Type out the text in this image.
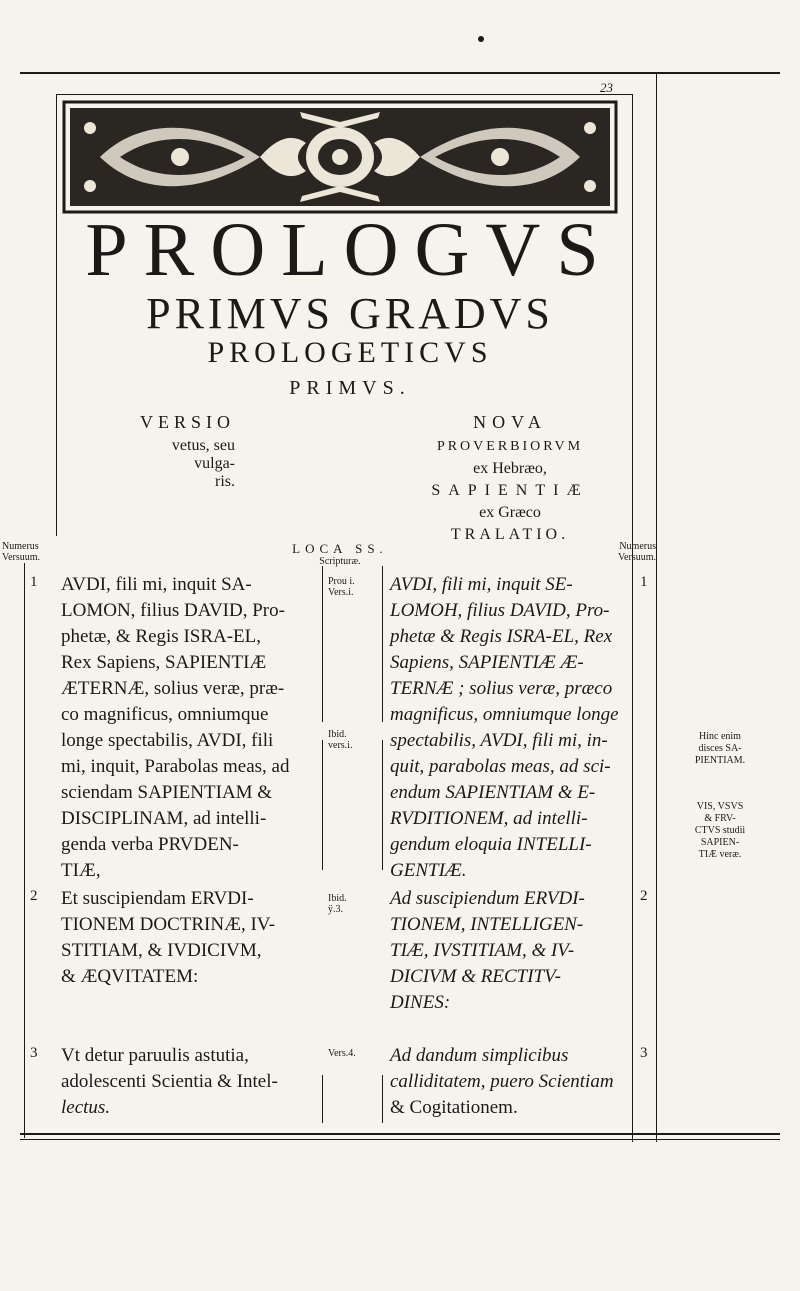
23
PROLOGVS
PRIMVS GRADVS
PROLOGETICVS
PRIMVS.
VERSIO
vetus, seu
vulga-
ris.
NOVA
PROVERBIORVM
ex Hebræo,
SAPIENTIÆ
ex Græco
TRALATIO.
Numerus
Versuum.
LOCA SS.
Scripturæ.
Numerus
Versuum.
1
2
3
1
2
3
AVDI, fili mi, inquit SA-
LOMON, filius DAVID, Pro-
phetæ, & Regis ISRA-EL,
Rex Sapiens, SAPIENTIÆ
ÆTERNÆ, solius veræ, præ-
co magnificus, omniumque
longe spectabilis, AVDI, fili
mi, inquit, Parabolas meas, ad
sciendam SAPIENTIAM &
DISCIPLINAM, ad intelli-
genda verba PRVDEN-
TIÆ,
Et suscipiendam ERVDI-
TIONEM DOCTRINÆ, IV-
STITIAM, & IVDICIVM,
& ÆQVITATEM:
Vt detur paruulis astutia,
adolescenti Scientia & Intel-
lectus.
Prou i.
Vers.i.
Ibid.
vers.i.
Ibid.
ÿ.3.
Vers.4.
AVDI, fili mi, inquit SE-
LOMOH, filius DAVID, Pro-
phetæ & Regis ISRA-EL, Rex
Sapiens, SAPIENTIÆ Æ-
TERNÆ ; solius veræ, præco
magnificus, omniumque longe
spectabilis, AVDI, fili mi, in-
quit, parabolas meas, ad sci-
endum SAPIENTIAM & E-
RVDITIONEM, ad intelli-
gendum eloquia INTELLI-
GENTIÆ.
Ad suscipiendum ERVDI-
TIONEM, INTELLIGEN-
TIÆ, IVSTITIAM, & IV-
DICIVM & RECTITV-
DINES:
Ad dandum simplicibus
calliditatem, puero Scientiam
& Cogitationem.
Hinc enim
disces SA-
PIENTIAM.
VIS, VSVS
& FRV-
CTVS studii
SAPIEN-
TIÆ veræ.
